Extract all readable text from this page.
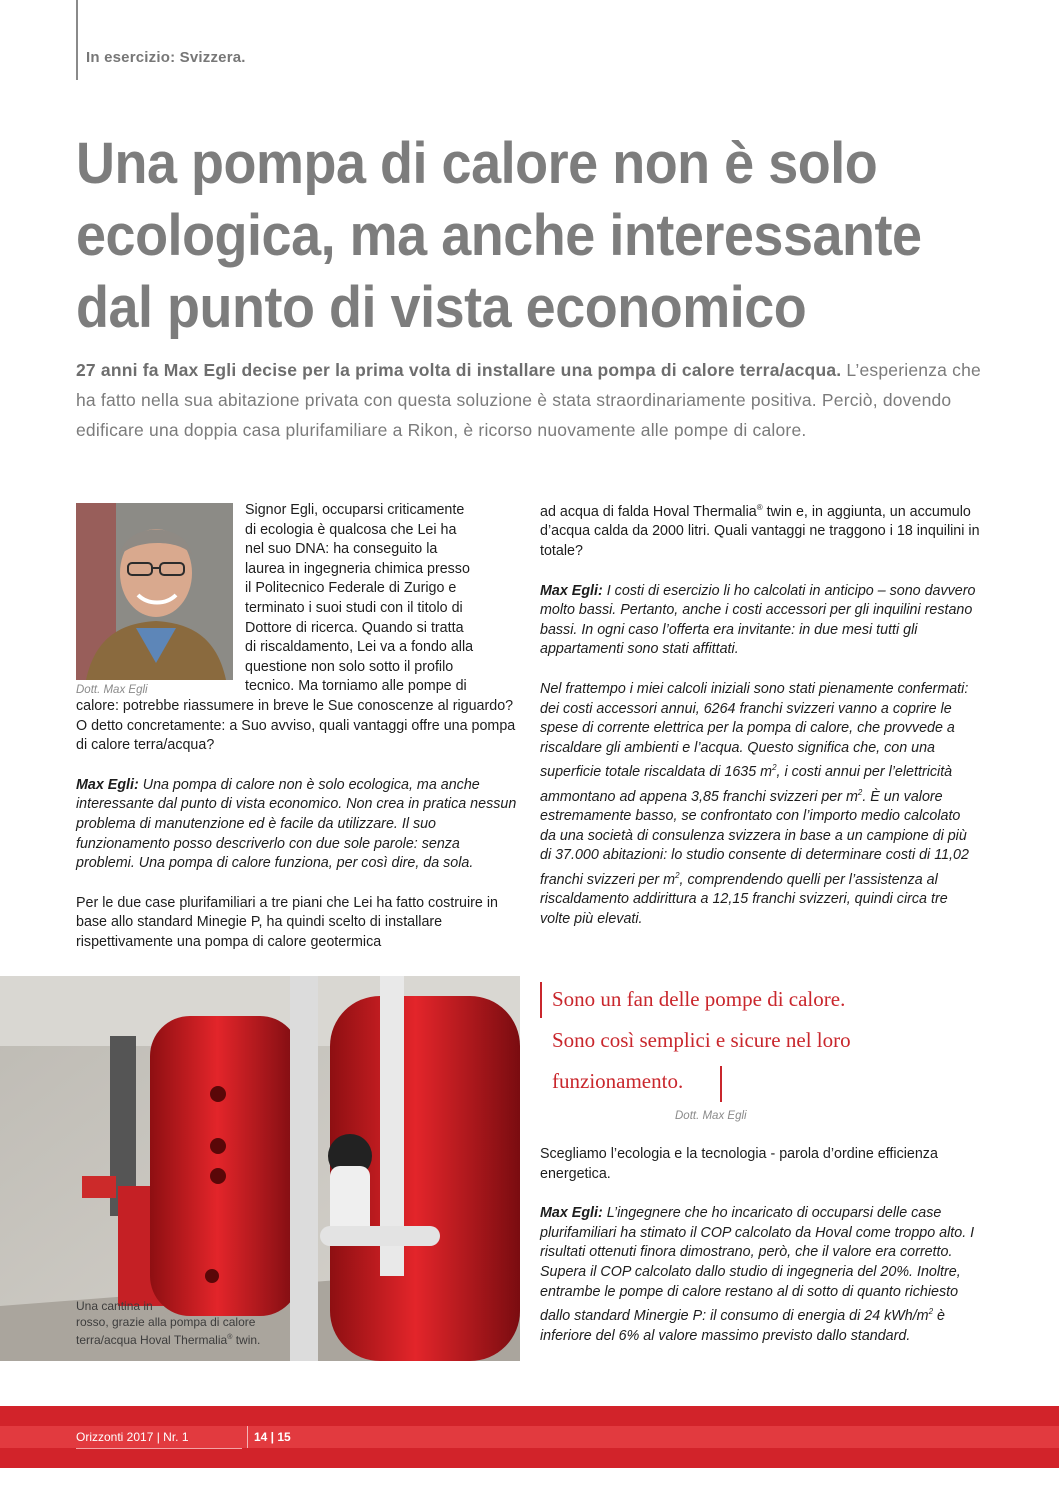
In esercizio: Svizzera.
Una pompa di calore non è solo ecologica, ma anche interessante dal punto di vista economico
27 anni fa Max Egli decise per la prima volta di installare una pompa di calore terra/acqua. L’esperienza che ha fatto nella sua abitazione privata con questa soluzione è stata straordinariamente positiva. Perciò, dovendo edificare una doppia casa plurifamiliare a Rikon, è ricorso nuovamente alle pompe di calore.
Dott. Max Egli
Signor Egli, occuparsi criticamente
di ecologia è qualcosa che Lei ha
nel suo DNA: ha conseguito la
laurea in ingegneria chimica presso
il Politecnico Federale di Zurigo e
terminato i suoi studi con il titolo di
Dottore di ricerca. Quando si tratta
di riscaldamento, Lei va a fondo alla
questione non solo sotto il profilo
tecnico. Ma torniamo alle pompe di

calore: potrebbe riassumere in breve le Sue conoscenze al riguardo? O detto concretamente: a Suo avviso, quali vantaggi offre una pompa di calore terra/acqua?

Max Egli: Una pompa di calore non è solo ecologica, ma anche interessante dal punto di vista economico. Non crea in pratica nessun problema di manutenzione ed è facile da utilizzare. Il suo funzionamento posso descriverlo con due sole parole: senza problemi. Una pompa di calore funziona, per così dire, da sola.

Per le due case plurifamiliari a tre piani che Lei ha fatto costruire in base allo standard Minegie P, ha quindi scelto di installare rispettivamente una pompa di calore geotermica

ad acqua di falda Hoval Thermalia® twin e, in aggiunta, un accumulo d’acqua calda da 2000 litri. Quali vantaggi ne traggono i 18 inquilini in totale?

Max Egli: I costi di esercizio li ho calcolati in anticipo – sono davvero molto bassi. Pertanto, anche i costi accessori per gli inquilini restano bassi. In ogni caso l’offerta era invitante: in due mesi tutti gli appartamenti sono stati affittati.

Nel frattempo i miei calcoli iniziali sono stati pienamente confermati: dei costi accessori annui, 6264 franchi svizzeri vanno a coprire le spese di corrente elettrica per la pompa di calore, che provvede a riscaldare gli ambienti e l’acqua. Questo significa che, con una superficie totale riscaldata di 1635 $m^2$, i costi annui per l’elettricità ammontano ad appena 3,85 franchi svizzeri per $m^2$. È un valore estremamente basso, se confrontato con l’importo medio calcolato da una società di consulenza svizzera in base a un campione di più di 37.000 abitazioni: lo studio consente di determinare costi di 11,02 franchi svizzeri per $m^2$, comprendendo quelli per l’assistenza al riscaldamento addirittura a 12,15 franchi svizzeri, quindi circa tre volte più elevati.

Sono un fan delle pompe di calore.
Sono così semplici e sicure nel loro
funzionamento.
Dott. Max Egli

Scegliamo l’ecologia e la tecnologia - parola d’ordine efficienza energetica.

Max Egli: L’ingegnere che ho incaricato di occuparsi delle case plurifamiliari ha stimato il COP calcolato da Hoval come troppo alto. I risultati ottenuti finora dimostrano, però, che il valore era corretto. Supera il COP calcolato dallo studio di ingegneria del 20%. Inoltre, entrambe le pompe di calore restano al di sotto di quanto richiesto dallo standard Minergie P: il consumo di energia di 24 kWh/$m^2$ è inferiore del 6% al valore massimo previsto dallo standard.

Una cantina in
rosso, grazie alla pompa di calore
terra/acqua Hoval Thermalia® twin.
Orizzonti 2017 | Nr. 1	14 | 15
